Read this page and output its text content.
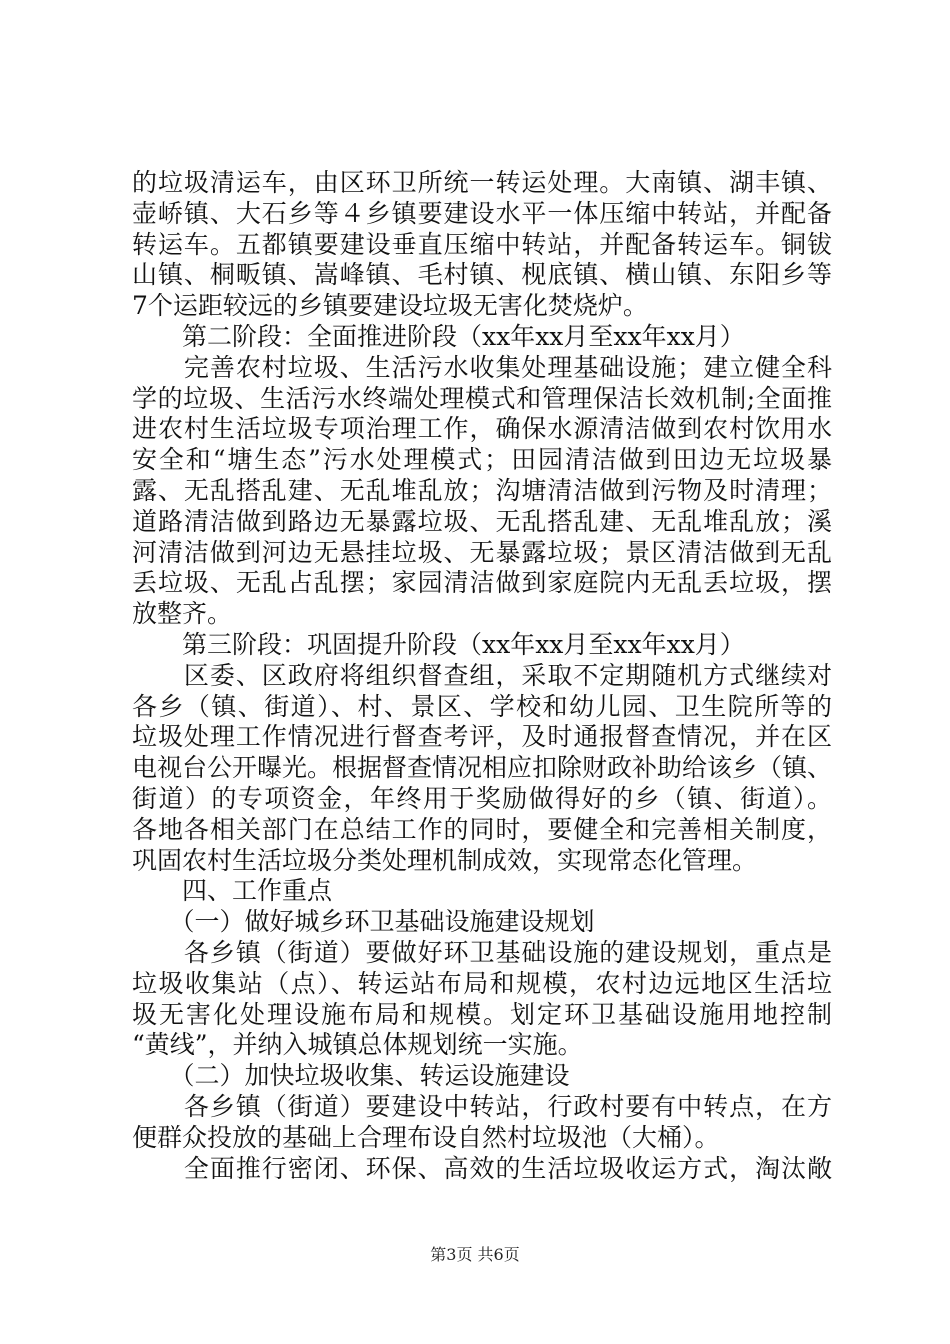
的垃圾清运车，由区环卫所统一转运处理。大南镇、湖丰镇、
壶峤镇、大石乡等４乡镇要建设水平一体压缩中转站，并配备
转运车。五都镇要建设垂直压缩中转站，并配备转运车。铜钹
山镇、桐畈镇、嵩峰镇、毛村镇、枧底镇、横山镇、东阳乡等
7个运距较远的乡镇要建设垃圾无害化焚烧炉。
　　第二阶段：全面推进阶段（xx年xx月至xx年xx月）
　　完善农村垃圾、生活污水收集处理基础设施；建立健全科
学的垃圾、生活污水终端处理模式和管理保洁长效机制;全面推
进农村生活垃圾专项治理工作，确保水源清洁做到农村饮用水
安全和“塘生态”污水处理模式；田园清洁做到田边无垃圾暴
露、无乱搭乱建、无乱堆乱放；沟塘清洁做到污物及时清理；
道路清洁做到路边无暴露垃圾、无乱搭乱建、无乱堆乱放；溪
河清洁做到河边无悬挂垃圾、无暴露垃圾；景区清洁做到无乱
丢垃圾、无乱占乱摆；家园清洁做到家庭院内无乱丢垃圾，摆
放整齐。
　　第三阶段：巩固提升阶段（xx年xx月至xx年xx月）
　　区委、区政府将组织督查组，采取不定期随机方式继续对
各乡（镇、街道）、村、景区、学校和幼儿园、卫生院所等的
垃圾处理工作情况进行督查考评，及时通报督查情况，并在区
电视台公开曝光。根据督查情况相应扣除财政补助给该乡（镇、
街道）的专项资金，年终用于奖励做得好的乡（镇、街道）。
各地各相关部门在总结工作的同时，要健全和完善相关制度，
巩固农村生活垃圾分类处理机制成效，实现常态化管理。
　　四、工作重点
　　（一）做好城乡环卫基础设施建设规划
　　各乡镇（街道）要做好环卫基础设施的建设规划，重点是
垃圾收集站（点）、转运站布局和规模，农村边远地区生活垃
圾无害化处理设施布局和规模。划定环卫基础设施用地控制
“黄线”，并纳入城镇总体规划统一实施。
　　（二）加快垃圾收集、转运设施建设
　　各乡镇（街道）要建设中转站，行政村要有中转点，在方
便群众投放的基础上合理布设自然村垃圾池（大桶）。
　　全面推行密闭、环保、高效的生活垃圾收运方式，淘汰敞
第3页 共6页
